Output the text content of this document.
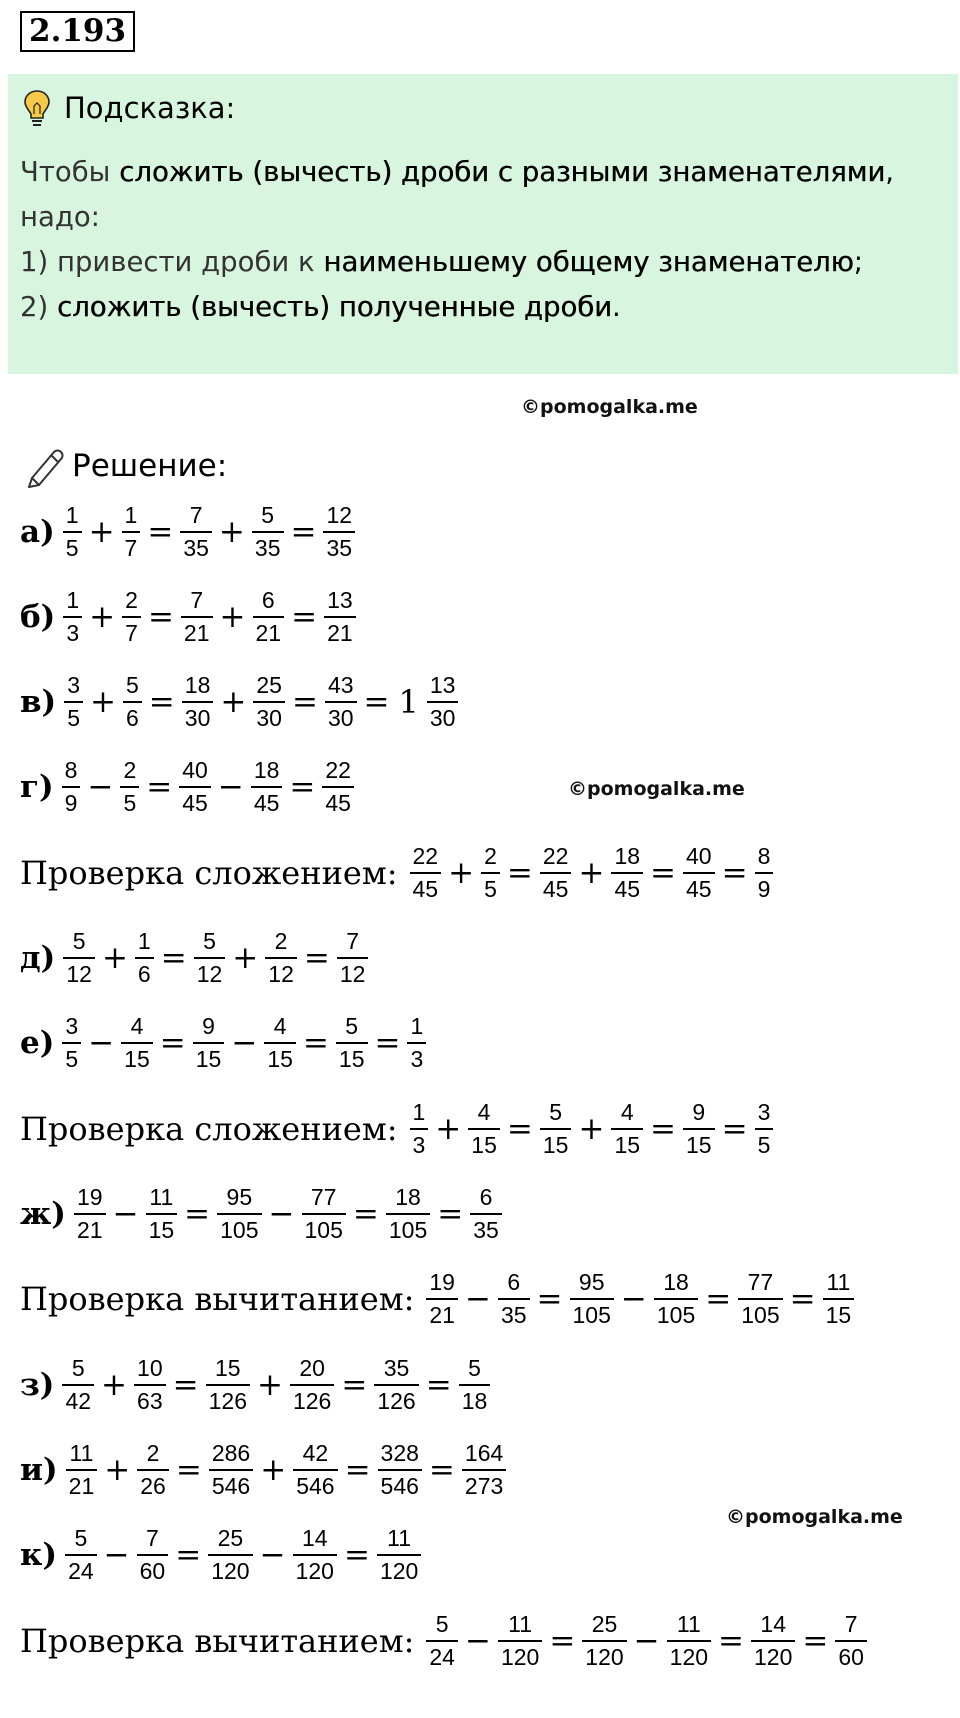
2.193
Подсказка:
Чтобы сложить (вычесть) дроби с разными знаменателями,
надо:
1) привести дроби к наименьшему общему знаменателю;
2) сложить (вычесть) полученные дроби.
©pomogalka.me
©pomogalka.me
©pomogalka.me
Решение:
$а) \frac{1}{5} + \frac{1}{7} = \frac{7}{35} + \frac{5}{35} = \frac{12}{35}$
$б) \frac{1}{3} + \frac{2}{7} = \frac{7}{21} + \frac{6}{21} = \frac{13}{21}$
$в) \frac{3}{5} + \frac{5}{6} = \frac{18}{30} + \frac{25}{30} = \frac{43}{30} = 1 \frac{13}{30}$
$г) \frac{8}{9} - \frac{2}{5} = \frac{40}{45} - \frac{18}{45} = \frac{22}{45}$
Проверка сложением: $\frac{22}{45} + \frac{2}{5} = \frac{22}{45} + \frac{18}{45} = \frac{40}{45} = \frac{8}{9}$
$д) \frac{5}{12} + \frac{1}{6} = \frac{5}{12} + \frac{2}{12} = \frac{7}{12}$
$е) \frac{3}{5} - \frac{4}{15} = \frac{9}{15} - \frac{4}{15} = \frac{5}{15} = \frac{1}{3}$
Проверка сложением: $\frac{1}{3} + \frac{4}{15} = \frac{5}{15} + \frac{4}{15} = \frac{9}{15} = \frac{3}{5}$
$ж) \frac{19}{21} - \frac{11}{15} = \frac{95}{105} - \frac{77}{105} = \frac{18}{105} = \frac{6}{35}$
Проверка вычитанием: $\frac{19}{21} - \frac{6}{35} = \frac{95}{105} - \frac{18}{105} = \frac{77}{105} = \frac{11}{15}$
$з) \frac{5}{42} + \frac{10}{63} = \frac{15}{126} + \frac{20}{126} = \frac{35}{126} = \frac{5}{18}$
$и) \frac{11}{21} + \frac{2}{26} = \frac{286}{546} + \frac{42}{546} = \frac{328}{546} = \frac{164}{273}$
$к) \frac{5}{24} - \frac{7}{60} = \frac{25}{120} - \frac{14}{120} = \frac{11}{120}$
Проверка вычитанием: $\frac{5}{24} - \frac{11}{120} = \frac{25}{120} - \frac{11}{120} = \frac{14}{120} = \frac{7}{60}$
